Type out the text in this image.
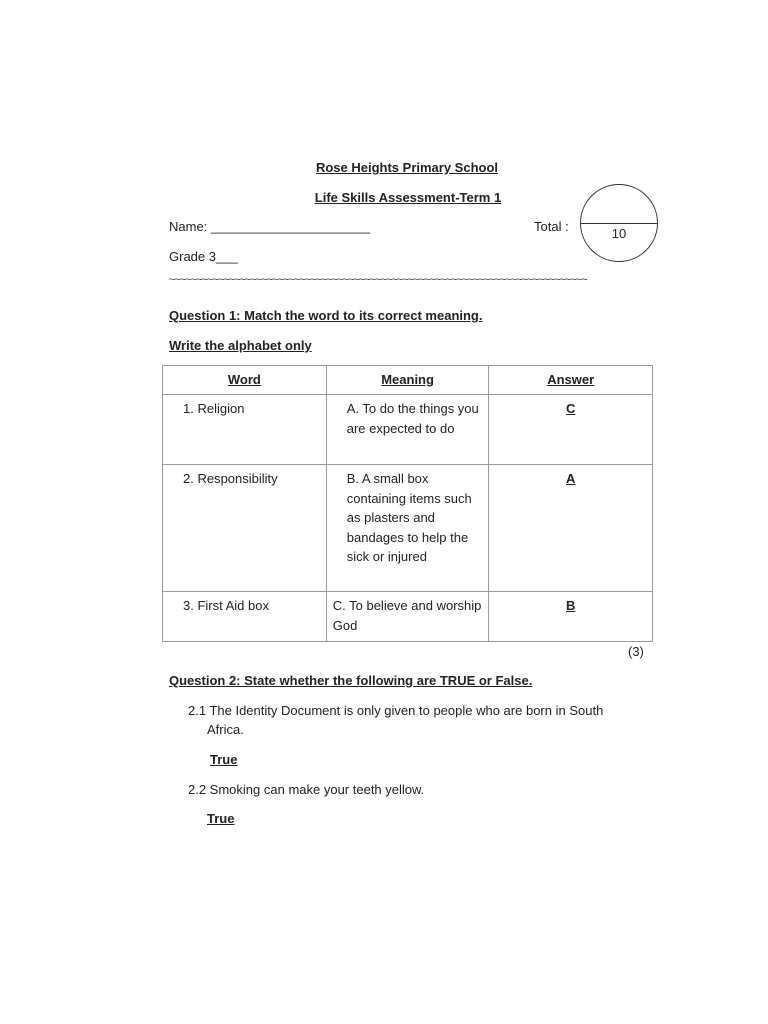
Rose Heights Primary School
Life Skills Assessment-Term 1
Name: ______________________	Total :	10
Grade 3___
~~~~~~~~~~~~~~~~~~~~~~~~~~~~~~~~~~~~~~~~~~~~~~~~~~~~~~~~~~~~~~~~~~~~~~~~~~~~~
Question 1: Match the word to its correct meaning.
Write the alphabet only
Word	Meaning	Answer
1. Religion	A. To do the things you are expected to do	C
2. Responsibility	B. A small box containing items such as plasters and bandages to help the sick or injured	A
3. First Aid box	C. To believe and worship God	B
(3)
Question 2: State whether the following are TRUE or False.
2.1 The Identity Document is only given to people who are born in South
Africa.
True
2.2 Smoking can make your teeth yellow.
True
